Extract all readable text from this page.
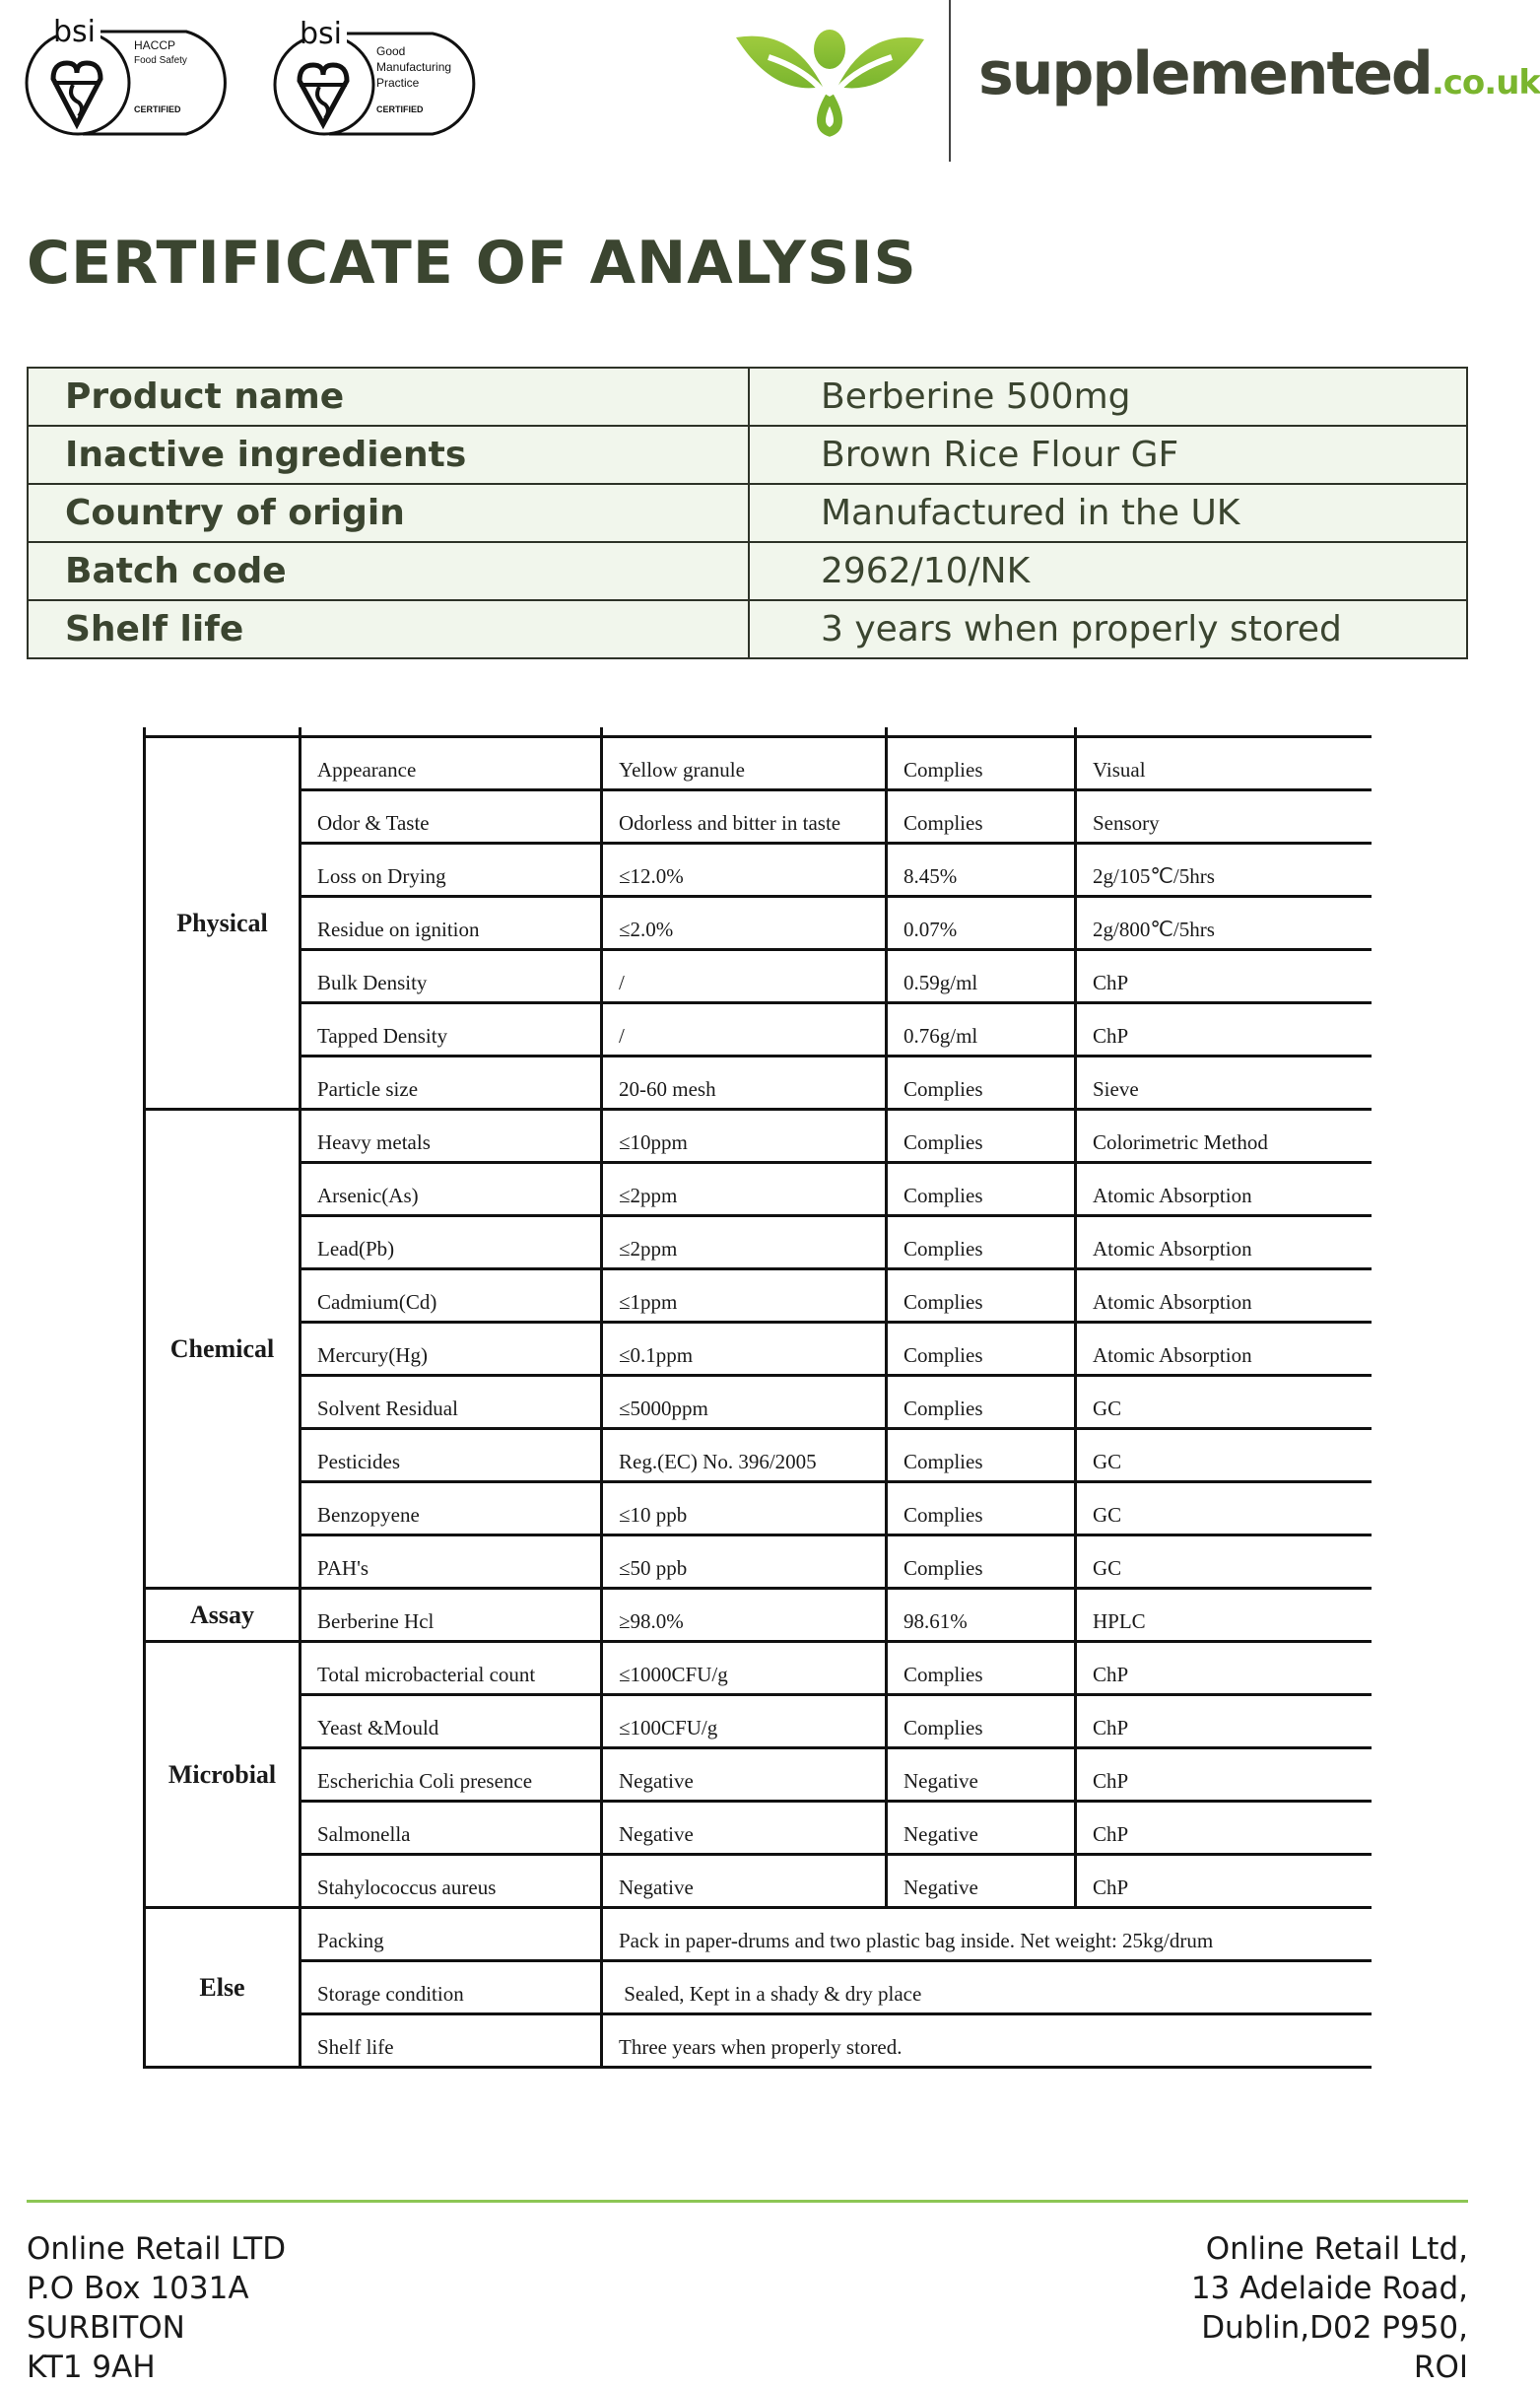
bsi	HACCP
Food Safety
CERTIFIED
bsi	Good
Manufacturing
Practice
CERTIFIED
supplemented.co.uk
CERTIFICATE OF ANALYSIS
Product name	Berberine 500mg
Inactive ingredients	Brown Rice Flour GF
Country of origin	Manufactured in the UK
Batch code	2962/10/NK
Shelf life	3 years when properly stored

Physical	Appearance	Yellow granule	Complies	Visual
	Odor & Taste	Odorless and bitter in taste	Complies	Sensory
	Loss on Drying	≤12.0%	8.45%	2g/105℃/5hrs
	Residue on ignition	≤2.0%	0.07%	2g/800℃/5hrs
	Bulk Density	/	0.59g/ml	ChP
	Tapped Density	/	0.76g/ml	ChP
	Particle size	20-60 mesh	Complies	Sieve
Chemical	Heavy metals	≤10ppm	Complies	Colorimetric Method
	Arsenic(As)	≤2ppm	Complies	Atomic Absorption
	Lead(Pb)	≤2ppm	Complies	Atomic Absorption
	Cadmium(Cd)	≤1ppm	Complies	Atomic Absorption
	Mercury(Hg)	≤0.1ppm	Complies	Atomic Absorption
	Solvent Residual	≤5000ppm	Complies	GC
	Pesticides	Reg.(EC) No. 396/2005	Complies	GC
	Benzopyene	≤10 ppb	Complies	GC
	PAH's	≤50 ppb	Complies	GC
Assay	Berberine Hcl	≥98.0%	98.61%	HPLC
Microbial	Total microbacterial count	≤1000CFU/g	Complies	ChP
	Yeast &Mould	≤100CFU/g	Complies	ChP
	Escherichia Coli presence	Negative	Negative	ChP
	Salmonella	Negative	Negative	ChP
	Stahylococcus aureus	Negative	Negative	ChP
Else	Packing	Pack in paper-drums and two plastic bag inside. Net weight: 25kg/drum		
	Storage condition	Sealed, Kept in a shady & dry place		
	Shelf life	Three years when properly stored.		
Online Retail LTD
P.O Box 1031A
SURBITON
KT1 9AH
Online Retail Ltd,
13 Adelaide Road,
Dublin,D02 P950,
ROI
